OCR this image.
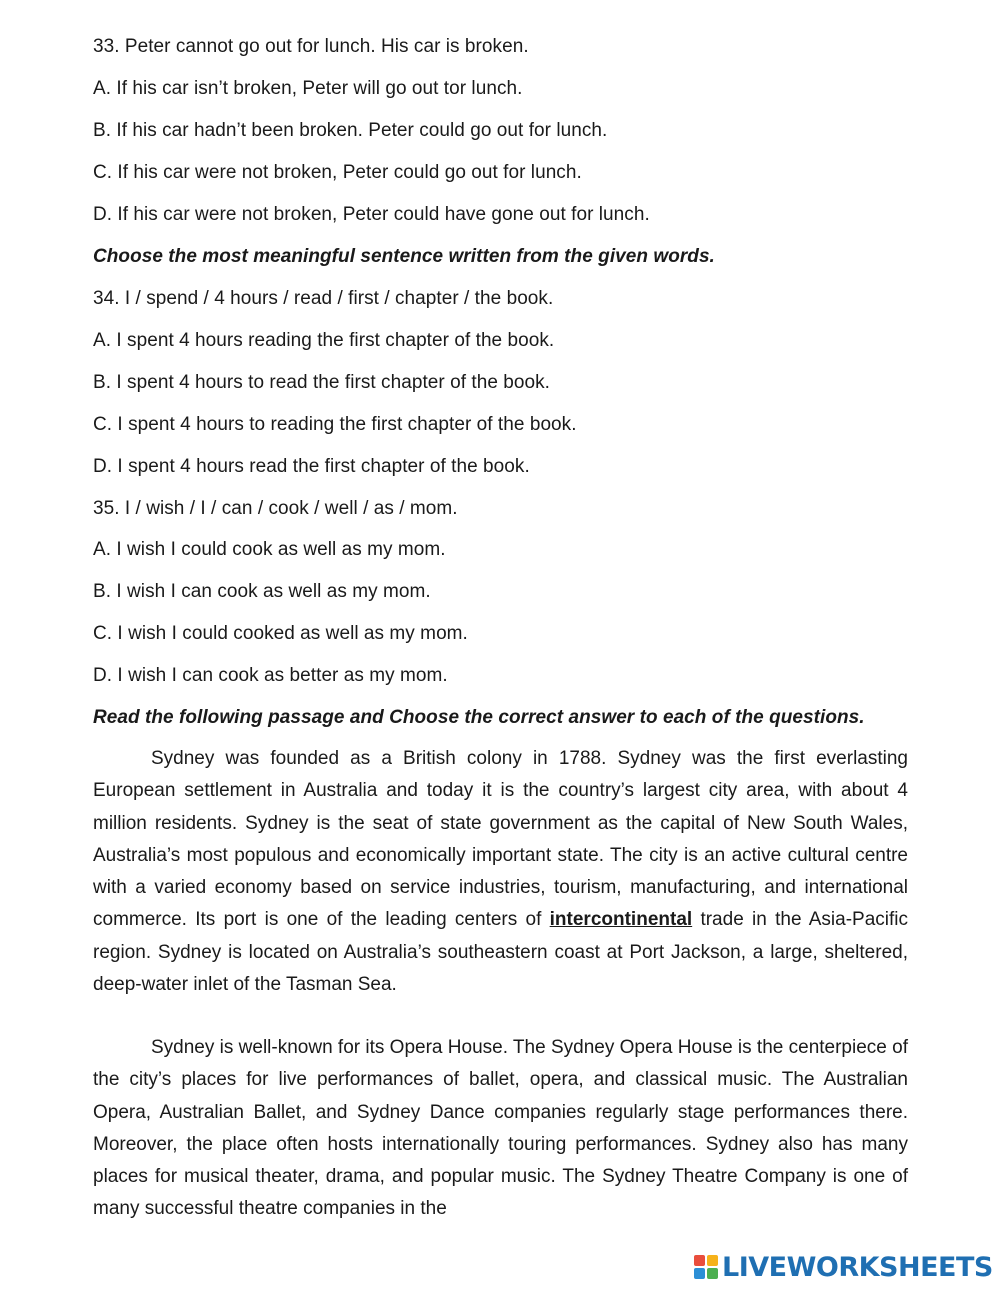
33. Peter cannot go out for lunch. His car is broken.
A. If his car isn’t broken, Peter will go out tor lunch.
B. If his car hadn’t been broken. Peter could go out for lunch.
C. If his car were not broken, Peter could go out for lunch.
D. If his car were not broken, Peter could have gone out for lunch.
Choose the most meaningful sentence written from the given words.
34. I / spend / 4 hours / read / first / chapter / the book.
A. I spent 4 hours reading the first chapter of the book.
B. I spent 4 hours to read the first chapter of the book.
C. I spent 4 hours to reading the first chapter of the book.
D. I spent 4 hours read the first chapter of the book.
35. I / wish / I / can / cook / well / as / mom.
A. I wish I could cook as well as my mom.
B. I wish I can cook as well as my mom.
C. I wish I could cooked as well as my mom.
D. I wish I can cook as better as my mom.
Read the following passage and Choose the correct answer to each of the questions.
Sydney was founded as a British colony in 1788. Sydney was the first everlasting European settlement in Australia and today it is the country’s largest city area, with about 4 million residents. Sydney is the seat of state government as the capital of New South Wales, Australia’s most populous and economically important state. The city is an active cultural centre with a varied economy based on service industries, tourism, manufacturing, and international commerce. Its port is one of the leading centers of intercontinental trade in the Asia-Pacific region. Sydney is located on Australia’s southeastern coast at Port Jackson, a large, sheltered, deep-water inlet of the Tasman Sea.
Sydney is well-known for its Opera House. The Sydney Opera House is the centerpiece of the city’s places for live performances of ballet, opera, and classical music. The Australian Opera, Australian Ballet, and Sydney Dance companies regularly stage performances there. Moreover, the place often hosts internationally touring performances. Sydney also has many places for musical theater, drama, and popular music. The Sydney Theatre Company is one of many successful theatre companies in the
LIVEWORKSHEETS
